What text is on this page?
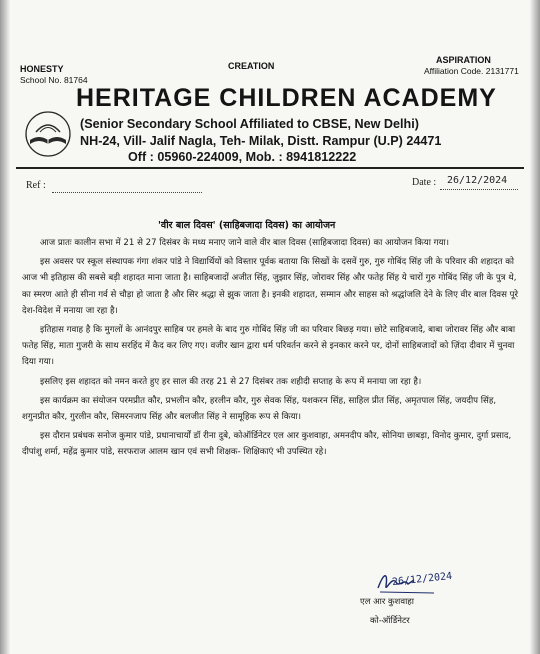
HONESTY	CREATION
ASPIRATION
School No. 81764
Affiliation Code. 2131771
HERITAGE CHILDREN ACADEMY
(Senior Secondary School Affiliated to CBSE, New Delhi)
NH-24, Vill- Jalif Nagla, Teh- Milak, Distt. Rampur (U.P) 24471
Off : 05960-224009, Mob. : 8941812222
Ref :	Date : 26/12/2024
'वीर बाल दिवस' (साहिबजादा दिवस) का आयोजन

आज प्रातः कालीन सभा में 21 से 27 दिसंबर के मध्य मनाए जाने वाले वीर बाल दिवस (साहिबजादा दिवस) का आयोजन किया गया।

इस अवसर पर स्कूल संस्थापक गंगा शंकर पांडे ने विद्यार्थियों को विस्तार पूर्वक बताया कि सिखों के दसवें गुरु, गुरु गोबिंद सिंह जी के परिवार की शहादत को आज भी इतिहास की सबसे बड़ी शहादत माना जाता है। साहिबजादों अजीत सिंह, जुझार सिंह, जोरावर सिंह और फतेह सिंह ये चारों गुरु गोबिंद सिंह जी के पुत्र थे, का स्मरण आते ही सीना गर्व से चौड़ा हो जाता है और सिर श्रद्धा से झुक जाता है। इनकी शहादत, सम्मान और साहस को श्रद्धांजलि देने के लिए वीर बाल दिवस पूरे देश-विदेश में मनाया जा रहा है।

इतिहास गवाह है कि मुगलों के आनंदपुर साहिब पर हमले के बाद गुरु गोबिंद सिंह जी का परिवार बिछड़ गया। छोटे साहिबजादे, बाबा जोरावर सिंह और बाबा फतेह सिंह, माता गुजरी के साथ सरहिंद में कैद कर लिए गए। वजीर खान द्वारा धर्म परिवर्तन करने से इनकार करने पर, दोनों साहिबजादों को ज़िंदा दीवार में चुनवा दिया गया।

इसलिए इस शहादत को नमन करते हुए हर साल की तरह 21 से 27 दिसंबर तक शहीदी सप्ताह के रूप में मनाया जा रहा है।

इस कार्यक्रम का संयोजन परमप्रीत कौर, प्रभलीन कौर, हरलीन कौर, गुरु सेवक सिंह, यशकरन सिंह, साहिल प्रीत सिंह, अमृतपाल सिंह, जयदीप सिंह, शगुनप्रीत कौर, गुरलीन कौर, सिमरनजाप सिंह और बलजीत सिंह ने सामूहिक रूप से किया।

इस दौरान प्रबंधक सनोज कुमार पांडे, प्रधानाचार्यों डॉ रीना दुबे, कोऑर्डिनेटर एल आर कुशवाहा, अमनदीप कौर, सोनिया छाबड़ा, विनोद कुमार, दुर्गा प्रसाद, दीपांशु शर्मा, महेंद्र कुमार पांडे, सरफराज आलम खान एवं सभी शिक्षक- शिक्षिकाएं भी उपस्थित रहे।

26/12/2024
एल आर कुशवाहा
को-ऑर्डिनेटर
